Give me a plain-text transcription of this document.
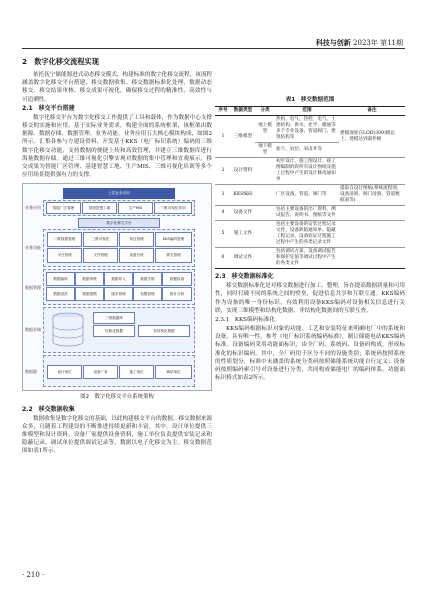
科技与创新 2023年 第11期
2　数字化移交流程实现

依托抚宁储能源进式动态移交模式，构建标准的数字化移交流程，该流程涵盖数字化移交平台搭建、移交数据收集、移交数据标准化处理、数据动态移交、移交结果审核、移交成果可视化，确保移交过程的精准性、高效性与可追溯性。

2.1　移交平台搭建

数字化移交平台为数字化移交工作提供了工具和载体，作为数据中心支撑移交的实施和应用。基于实际业务需求，构建全面的系统框架，该框架由数据源、数据存储、数据管理、业务功能、业务应用五大核心模块构成，如图2所示。汇集各参与方建设资料，开发基于KKS（电厂标识系统）编码的三维数字化移交功能，支持数据的便捷上传和高效管理，并建立三维数据库进行海量数据存储。通过三维可视化引擎实现对数据的集中管理和直观展示，移交成果为智能厂区管理、基建智慧工地、生产MIS、三维可视化培训等多个应用场景提供强有力的支撑。

上层业务应用
智能厂区管理	基建智慧工地	生产MIS	三维可视化培训
业务应用
数字化移交平台
二维数据管理	三维可视化	项目管理	KKS编码管理
平台管理	文件管理	设备台账	移交管理
业务功能
数据编码	数据审核	数据导入	数据关联	数据检索
数据清洗	数据建模	版本管理	权限管理	统计分析
数据管理
三维数据库
结构化数据	非结构化数据
数据存储
设计单位	设备厂家	施工单位	调试单位
数据源
图2　数字化移交平台系统架构
2.2　移交数据收集

数据收集是数字化移交的基础，以此构建移交平台的数据。移交数据来源众多，且随着工程建设的不断推进持续更新和丰富。其中，设计单位提供三维模型和设计资料，设备厂家提供设备资料，施工单位负责提供安装记录和隐蔽记录，调试单位提供调试记录等，数据以电子化移交为主。移交数据范围如表1所示。

表1　移交数据范围
序号	数据类型	分类	范围	备注
1	三维模型	地上模型	热机、电气、热控、电气、土建结构、供水、化学、暖通等多个专业设备、管道阀门、建筑结构等	建模深度在LOD(300)级以上，建模达到部件级
		地下模型	盐穴、岩层、采卤井等	
2	设计资料		初步设计、施工图设计、竣工图编制阶段所有设计图纸及施工过程中产生的设计修改通知单	
3	KKS编码		厂区设备、管道、阀门等	提取自设计图纸(系统流程图、设备清册、阀门清册、管道数据表等)
4	设备文件		包括主要设备的出厂资料，测试报告、说明书、图纸等文件	
5	施工文件		包括主要设备的安装过程记录文件，设备缺陷通知单、隐蔽工程记录，设备验证过程施工过程中产生的各类记录文件	
6	调试文件		包括调试方案，设备调试报告和保护定值等调试过程中产生的各类文件	
2.3　移交数据标准化

移交数据标准化是对移交数据进行加工、整理，旨在提高数据质量和可用性，同时打破不同的系统之间的壁垒，促进信息共享和互联互通。KKS编码作为设备的唯一身份标识，有效利用设备KKS编码对设备相关信息进行关联，实现三维模型和结构化数据、非结构化数据间的互联互查。

2.3.1　KKS编码标准化

KKS编码根据标识对象的功能、工艺和安装特征来明确电厂中的系统和设备，具有唯一性。参考《电厂标识系统编码标准》，制订储能电站KKS编码标准。设备编码采用功能面标识，由全厂码、系统码、设备码构成，形成标准化的标识编码。其中，全厂码用于区分不同的设施类别；系统码按照系统的性质划分，标准中未涵盖的系统分类码按照储能系统功能自行定义；设备码按照编码索引号对设备进行分类，共同构成储能电厂的编码体系。功能面标识格式如表2所示。

· 210 ·
